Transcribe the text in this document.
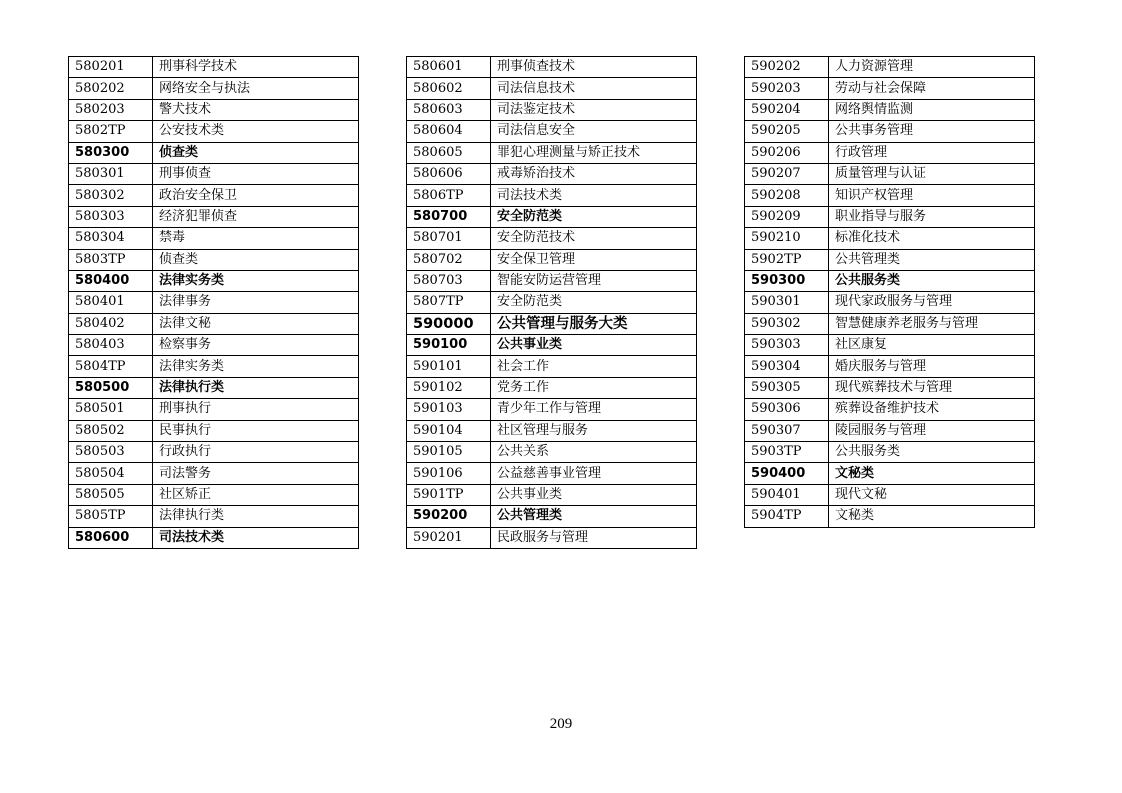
580201	刑事科学技术
580202	网络安全与执法
580203	警犬技术
5802TP	公安技术类
580300	侦查类
580301	刑事侦查
580302	政治安全保卫
580303	经济犯罪侦查
580304	禁毒
5803TP	侦查类
580400	法律实务类
580401	法律事务
580402	法律文秘
580403	检察事务
5804TP	法律实务类
580500	法律执行类
580501	刑事执行
580502	民事执行
580503	行政执行
580504	司法警务
580505	社区矫正
5805TP	法律执行类
580600	司法技术类
580601	刑事侦查技术
580602	司法信息技术
580603	司法鉴定技术
580604	司法信息安全
580605	罪犯心理测量与矫正技术
580606	戒毒矫治技术
5806TP	司法技术类
580700	安全防范类
580701	安全防范技术
580702	安全保卫管理
580703	智能安防运营管理
5807TP	安全防范类
590000	公共管理与服务大类
590100	公共事业类
590101	社会工作
590102	党务工作
590103	青少年工作与管理
590104	社区管理与服务
590105	公共关系
590106	公益慈善事业管理
5901TP	公共事业类
590200	公共管理类
590201	民政服务与管理
590202	人力资源管理
590203	劳动与社会保障
590204	网络舆情监测
590205	公共事务管理
590206	行政管理
590207	质量管理与认证
590208	知识产权管理
590209	职业指导与服务
590210	标准化技术
5902TP	公共管理类
590300	公共服务类
590301	现代家政服务与管理
590302	智慧健康养老服务与管理
590303	社区康复
590304	婚庆服务与管理
590305	现代殡葬技术与管理
590306	殡葬设备维护技术
590307	陵园服务与管理
5903TP	公共服务类
590400	文秘类
590401	现代文秘
5904TP	文秘类
209
